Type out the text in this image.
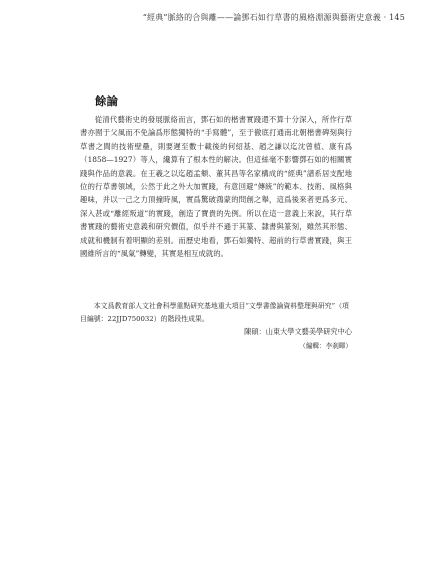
“經典”脈絡的合與離——論鄧石如行草書的風格淵源與藝術史意義 · 145
餘論

從清代藝術史的發展脈絡而言，鄧石如的楷書實踐還不算十分深入，所作行草書亦囿于父風而不免論爲形態獨特的“手寫體”，至于徹底打通南北朝楷書碑刻與行草書之間的技術壁壘，則要遲至數十載後的何紹基、趙之謙以迄沈曾植、康有爲（1858—1927）等人，纔算有了根本性的解决。但這絲毫不影響鄧石如的相關實踐與作品的意義。在王羲之以迄趙孟頫、董其昌等名家構成的“經典”譜系居支配地位的行草書領域，公然于此之外大加實踐，有意回避“傳統”的範本、技術、風格與趣味，并以一己之力頂撞時風，實爲驚破鴻蒙的問創之舉，這爲後來者更爲多元、深入甚或“離經叛道”的實踐，創造了寶貴的先例。所以在這一意義上來說，其行草書實踐的藝術史意義和研究價值，似乎并不遜于其篆、隸書與篆刻，雖然其形態、成就和機制有着明顯的差别。而歷史地看，鄧石如獨特、超前的行草書實踐，與王國維所言的“風氣”轉變，其實是相互成就的。

本文爲教育部人文社會科學重點研究基地重大項目“文學書像論資料整理與研究”（項目編號：22JJD750032）的階段性成果。

陳碩：山東大學文藝美學研究中心
（編輯：李刹暉）
